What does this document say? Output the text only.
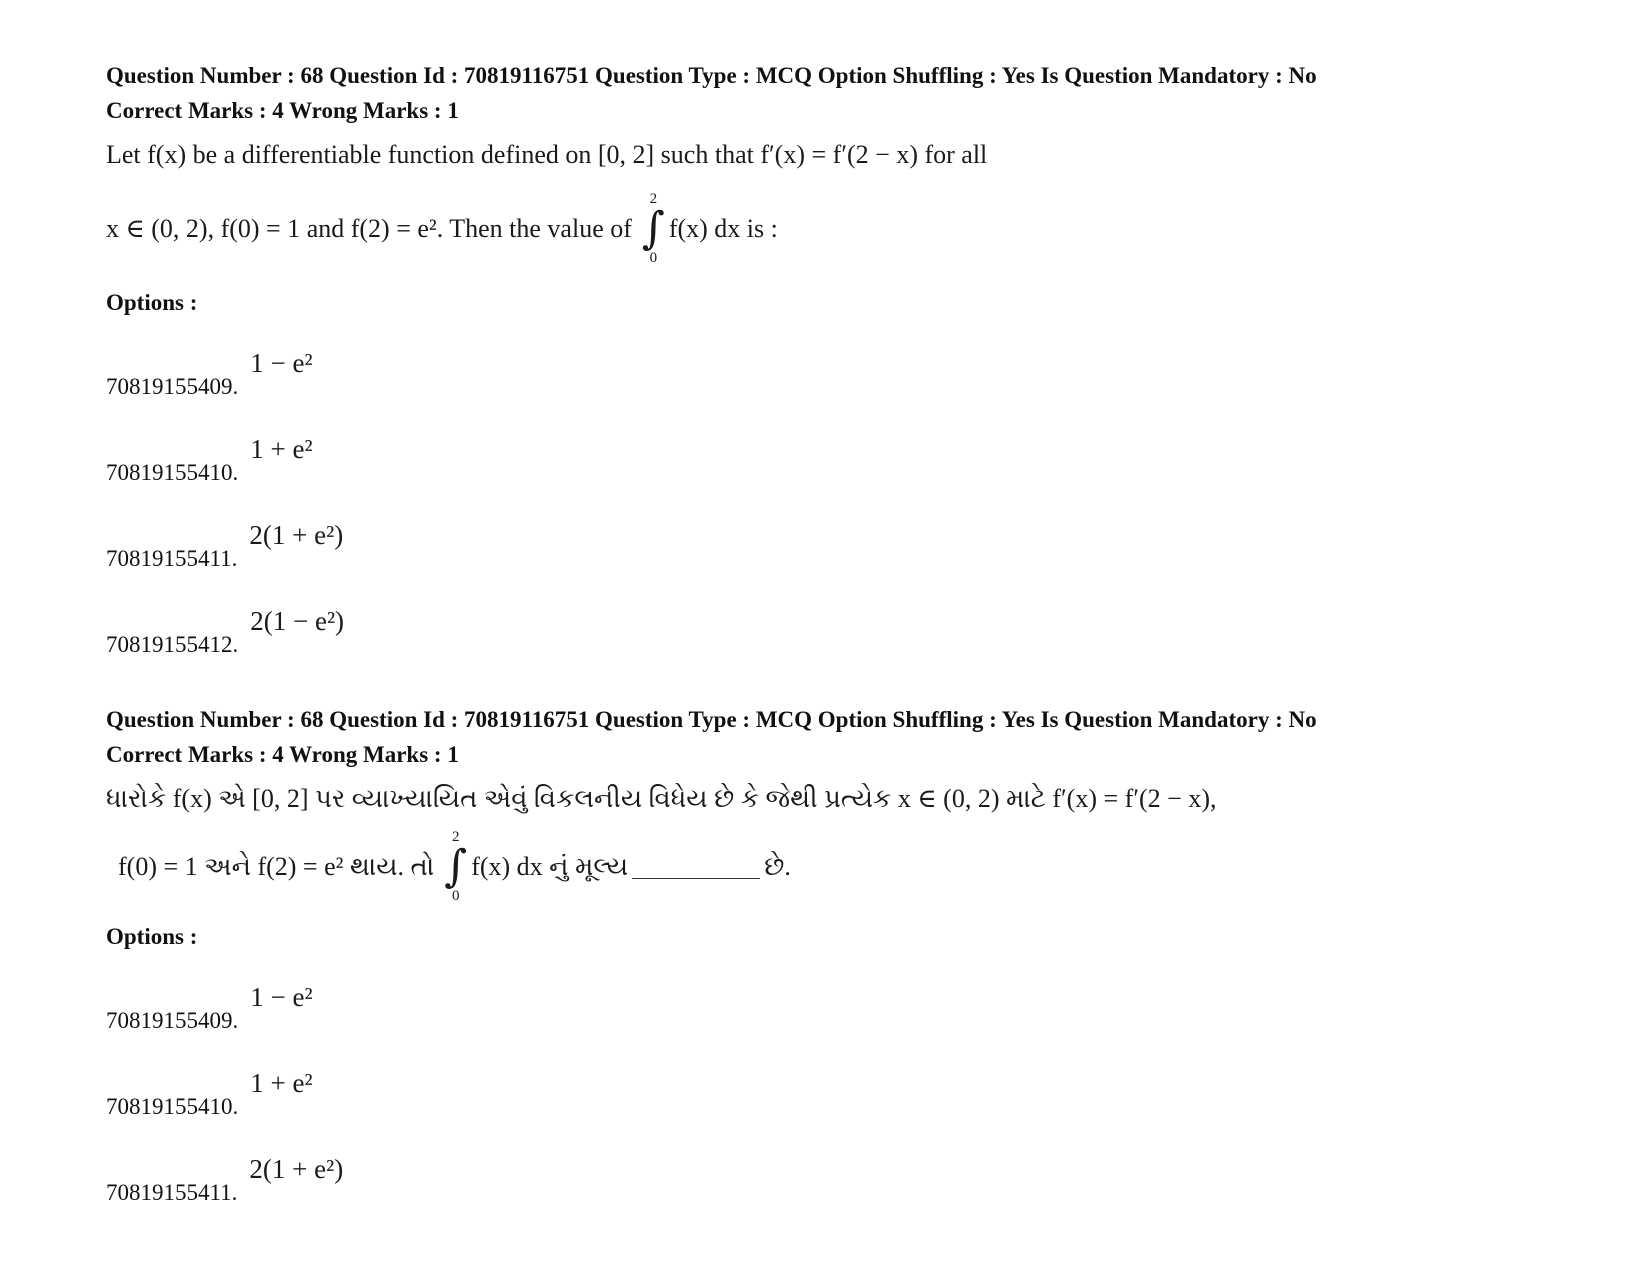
Question Number : 68 Question Id : 70819116751 Question Type : MCQ Option Shuffling : Yes Is Question Mandatory : No

Correct Marks : 4 Wrong Marks : 1

Let f(x) be a differentiable function defined on [0, 2] such that f′(x) = f′(2 − x) for all

x ∈ (0, 2), f(0) = 1 and f(2) = e². Then the value of
2
∫
0
f(x) dx is :

Options :

70819155409.
1 − e²
70819155410.
1 + e²
70819155411.
2(1 + e²)
70819155412.
2(1 − e²)

Question Number : 68 Question Id : 70819116751 Question Type : MCQ Option Shuffling : Yes Is Question Mandatory : No

Correct Marks : 4 Wrong Marks : 1

ધારોકે f(x) એ [0, 2] પર વ્યાખ્યાયિત એવું વિકલનીય વિધેય છે કે જેથી પ્રત્યેક x ∈ (0, 2) માટે f′(x) = f′(2 − x),

f(0) = 1 અને f(2) = e² થાય. તો
2
∫
0
f(x) dx નું મૂલ્ય	છે.

Options :

70819155409.
1 − e²
70819155410.
1 + e²
70819155411.
2(1 + e²)
